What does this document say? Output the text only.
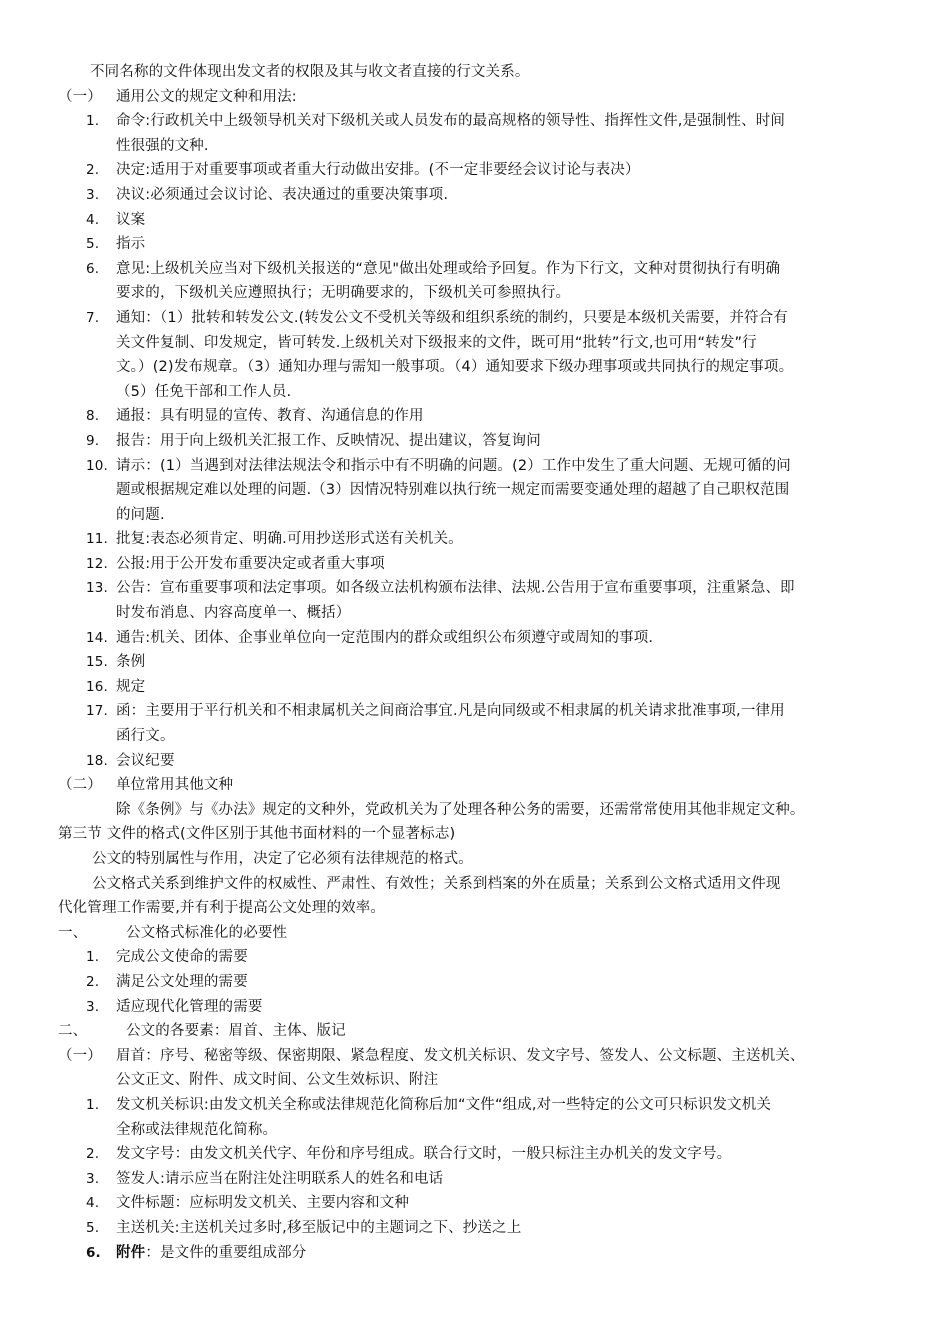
不同名称的文件体现出发文者的权限及其与收文者直接的行文关系。
（一） 通用公文的规定文种和用法:
1.	命令:行政机关中上级领导机关对下级机关或人员发布的最高规格的领导性、指挥性文件,是强制性、时间
性很强的文种.
2.	决定:适用于对重要事项或者重大行动做出安排。(不一定非要经会议讨论与表决）
3.	决议:必须通过会议讨论、表决通过的重要决策事项.
4.	议案
5.	指示
6.	意见:上级机关应当对下级机关报送的“意见"做出处理或给予回复。作为下行文，文种对贯彻执行有明确
要求的，下级机关应遵照执行；无明确要求的，下级机关可参照执行。
7.	通知：（1）批转和转发公文.(转发公文不受机关等级和组织系统的制约，只要是本级机关需要，并符合有
关文件复制、印发规定，皆可转发.上级机关对下级报来的文件，既可用“批转”行文,也可用“转发”行
文。）(2)发布规章。（3）通知办理与需知一般事项。（4）通知要求下级办理事项或共同执行的规定事项。
（5）任免干部和工作人员.
8.	通报：具有明显的宣传、教育、沟通信息的作用
9.	报告：用于向上级机关汇报工作、反映情况、提出建议，答复询问
10. 请示：(1）当遇到对法律法规法令和指示中有不明确的问题。(2）工作中发生了重大问题、无规可循的问
题或根据规定难以处理的问题.（3）因情况特别难以执行统一规定而需要变通处理的超越了自己职权范围
的问题.
11. 批复:表态必须肯定、明确.可用抄送形式送有关机关。
12. 公报:用于公开发布重要决定或者重大事项
13. 公告：宣布重要事项和法定事项。如各级立法机构颁布法律、法规.公告用于宣布重要事项，注重紧急、即
时发布消息、内容高度单一、概括）
14. 通告:机关、团体、企事业单位向一定范围内的群众或组织公布须遵守或周知的事项.
15. 条例
16. 规定
17. 函：主要用于平行机关和不相隶属机关之间商洽事宜.凡是向同级或不相隶属的机关请求批准事项,一律用
函行文。
18. 会议纪要
（二） 单位常用其他文种
除《条例》与《办法》规定的文种外，党政机关为了处理各种公务的需要，还需常常使用其他非规定文种。
第三节 文件的格式(文件区别于其他书面材料的一个显著标志)
公文的特别属性与作用，决定了它必须有法律规范的格式。
公文格式关系到维护文件的权威性、严肃性、有效性；关系到档案的外在质量；关系到公文格式适用文件现
代化管理工作需要,并有利于提高公文处理的效率。
一、	公文格式标准化的必要性
1.	完成公文使命的需要
2.	满足公文处理的需要
3.	适应现代化管理的需要
二、	公文的各要素：眉首、主体、版记
（一） 眉首：序号、秘密等级、保密期限、紧急程度、发文机关标识、发文字号、签发人、公文标题、主送机关、
公文正文、附件、成文时间、公文生效标识、附注
1.	发文机关标识:由发文机关全称或法律规范化简称后加“文件“组成,对一些特定的公文可只标识发文机关
全称或法律规范化简称。
2.	发文字号：由发文机关代字、年份和序号组成。联合行文时，一般只标注主办机关的发文字号。
3.	签发人:请示应当在附注处注明联系人的姓名和电话
4.	文件标题：应标明发文机关、主要内容和文种
5.	主送机关:主送机关过多时,移至版记中的主题词之下、抄送之上
6.	附件：是文件的重要组成部分
